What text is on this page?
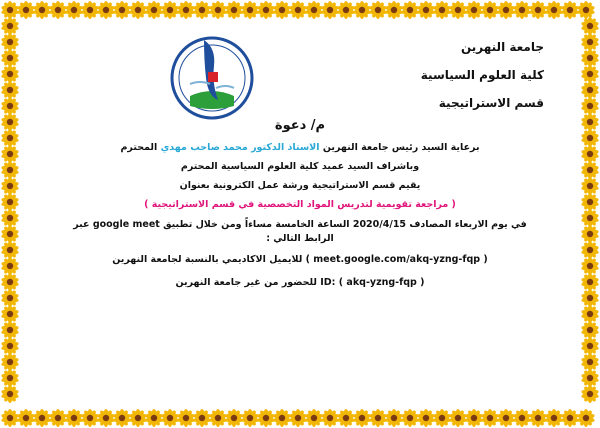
جامعة النهرين
كلية العلوم السياسية
قسم الاستراتيجية
م/ دعوة
برعاية السيد رئيس جامعة النهرين الاستاذ الدكتور محمد صاحب مهدي المحترم
وباشراف السيد عميد كلية العلوم السياسية المحترم
يقيم قسم الاستراتيجية ورشة عمل الكترونية بعنوان
( مراجعة تقويمية لتدريس المواد التخصصية في قسم الاستراتيجية )
في يوم الاربعاء المصادف 2020/4/15 الساعة الخامسة مساءاً ومن خلال تطبيق google meet عبر الرابط التالي :
( meet.google.com/akq-yzng-fqp ) للايميل الاكاديمي بالنسبة لجامعة النهرين
ID: ( akq-yzng-fqp ) للحضور من غير جامعة النهرين
